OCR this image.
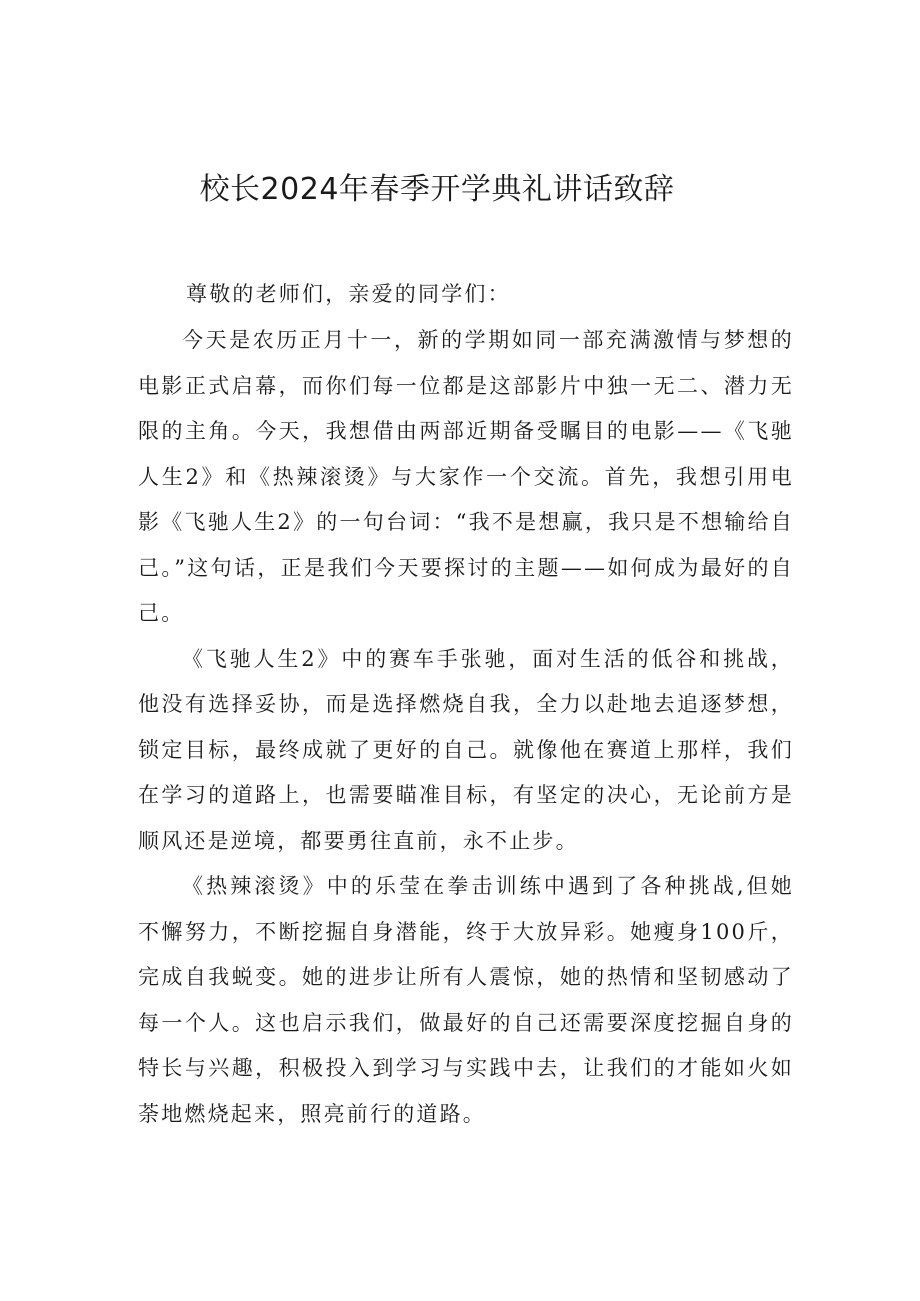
校长2024年春季开学典礼讲话致辞
尊敬的老师们，亲爱的同学们：

今天是农历正月十一，新的学期如同一部充满激情与梦想的电影正式启幕，而你们每一位都是这部影片中独一无二、潜力无限的主角。今天，我想借由两部近期备受瞩目的电影——《飞驰人生2》和《热辣滚烫》与大家作一个交流。首先，我想引用电影《飞驰人生2》的一句台词：“我不是想赢，我只是不想输给自己。”这句话，正是我们今天要探讨的主题——如何成为最好的自己。

《飞驰人生2》中的赛车手张驰，面对生活的低谷和挑战，他没有选择妥协，而是选择燃烧自我，全力以赴地去追逐梦想，锁定目标，最终成就了更好的自己。就像他在赛道上那样，我们在学习的道路上，也需要瞄准目标，有坚定的决心，无论前方是顺风还是逆境，都要勇往直前，永不止步。

《热辣滚烫》中的乐莹在拳击训练中遇到了各种挑战,但她不懈努力，不断挖掘自身潜能，终于大放异彩。她瘦身100斤，完成自我蜕变。她的进步让所有人震惊，她的热情和坚韧感动了每一个人。这也启示我们，做最好的自己还需要深度挖掘自身的特长与兴趣，积极投入到学习与实践中去，让我们的才能如火如荼地燃烧起来，照亮前行的道路。
